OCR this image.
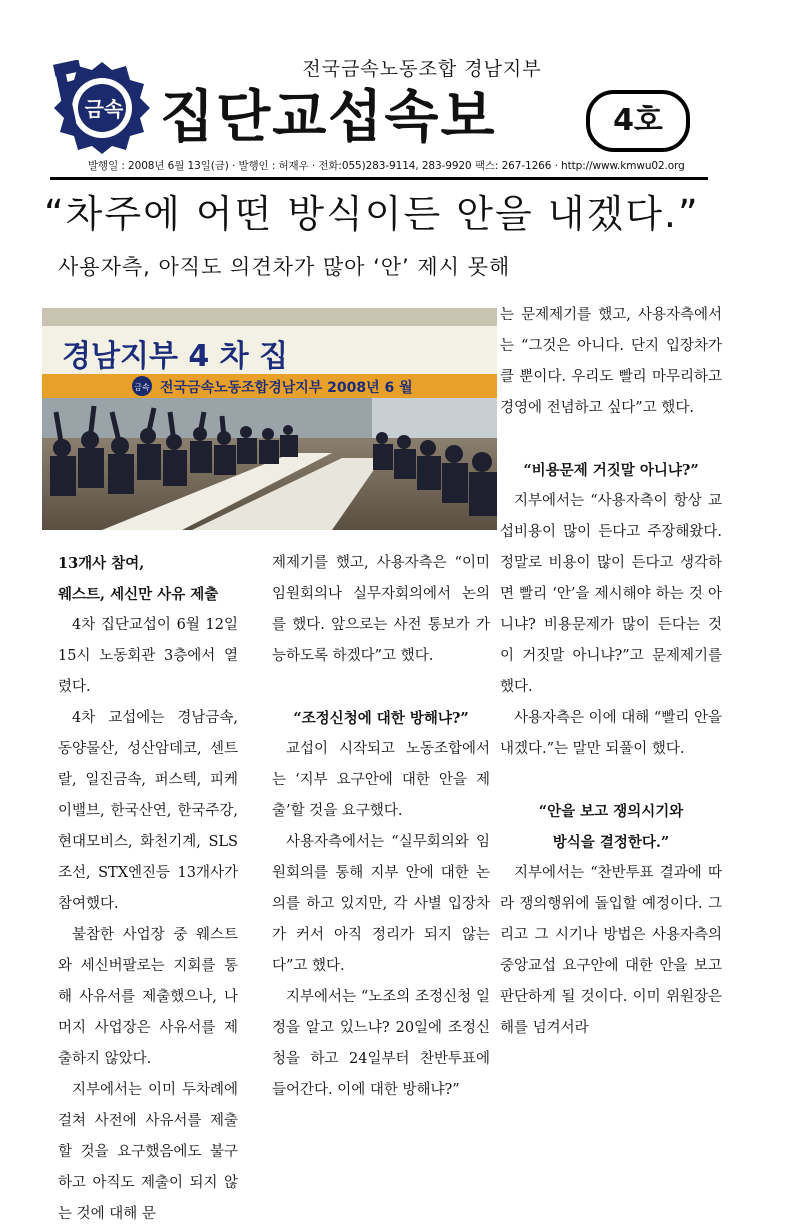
전국금속노동조합 경남지부
금속 집단교섭속보	4호
발행일 : 2008년 6월 13일(금) · 발행인 : 허재우 · 전화:055)283-9114, 283-9920 팩스: 267-1266 · http://www.kmwu02.org
“차주에 어떤 방식이든 안을 내겠다.”
사용자측, 아직도 의견차가 많아 ‘안’ 제시 못해
경남지부 4 차 집
금속 전국금속노동조합경남지부 2008년 6 월
13개사 참여,
웨스트, 세신만 사유 제출

4차 집단교섭이 6월 12일 15시 노동회관 3층에서 열렸다.

4차 교섭에는 경남금속, 동양물산, 성산암데코, 센트랄, 일진금속, 퍼스텍, 피케이밸브, 한국산연, 한국주강, 현대모비스, 화천기계, SLS조선, STX엔진등 13개사가 참여했다.

불참한 사업장 중 웨스트와 세신버팔로는 지회를 통해 사유서를 제출했으나, 나머지 사업장은 사유서를 제출하지 않았다.

지부에서는 이미 두차례에 걸쳐 사전에 사유서를 제출할 것을 요구했음에도 불구하고 아직도 제출이 되지 않는 것에 대해 문

제제기를 했고, 사용자측은 “이미 임원회의나 실무자회의에서 논의를 했다. 앞으로는 사전 통보가 가능하도록 하겠다”고 했다.

“조정신청에 대한 방해냐?”

교섭이 시작되고 노동조합에서는 ‘지부 요구안에 대한 안을 제출’할 것을 요구했다.

사용자측에서는 “실무회의와 임원회의를 통해 지부 안에 대한 논의를 하고 있지만, 각 사별 입장차가 커서 아직 정리가 되지 않는다”고 했다.

지부에서는 “노조의 조정신청 일정을 알고 있느냐? 20일에 조정신청을 하고 24일부터 찬반투표에 들어간다. 이에 대한 방해냐?”

는 문제제기를 했고, 사용자측에서는 “그것은 아니다. 단지 입장차가 클 뿐이다. 우리도 빨리 마무리하고 경영에 전념하고 싶다”고 했다.

“비용문제 거짓말 아니냐?”

지부에서는 “사용자측이 항상 교섭비용이 많이 든다고 주장해왔다. 정말로 비용이 많이 든다고 생각하면 빨리 ‘안’을 제시해야 하는 것 아니냐? 비용문제가 많이 든다는 것이 거짓말 아니냐?”고 문제제기를 했다.

사용자측은 이에 대해 “빨리 안을 내겠다.”는 말만 되풀이 했다.

“안을 보고 쟁의시기와
방식을 결정한다.”

지부에서는 “찬반투표 결과에 따라 쟁의행위에 돌입할 예정이다. 그리고 그 시기나 방법은 사용자측의 중앙교섭 요구안에 대한 안을 보고 판단하게 될 것이다. 이미 위원장은 해를 넘겨서라
